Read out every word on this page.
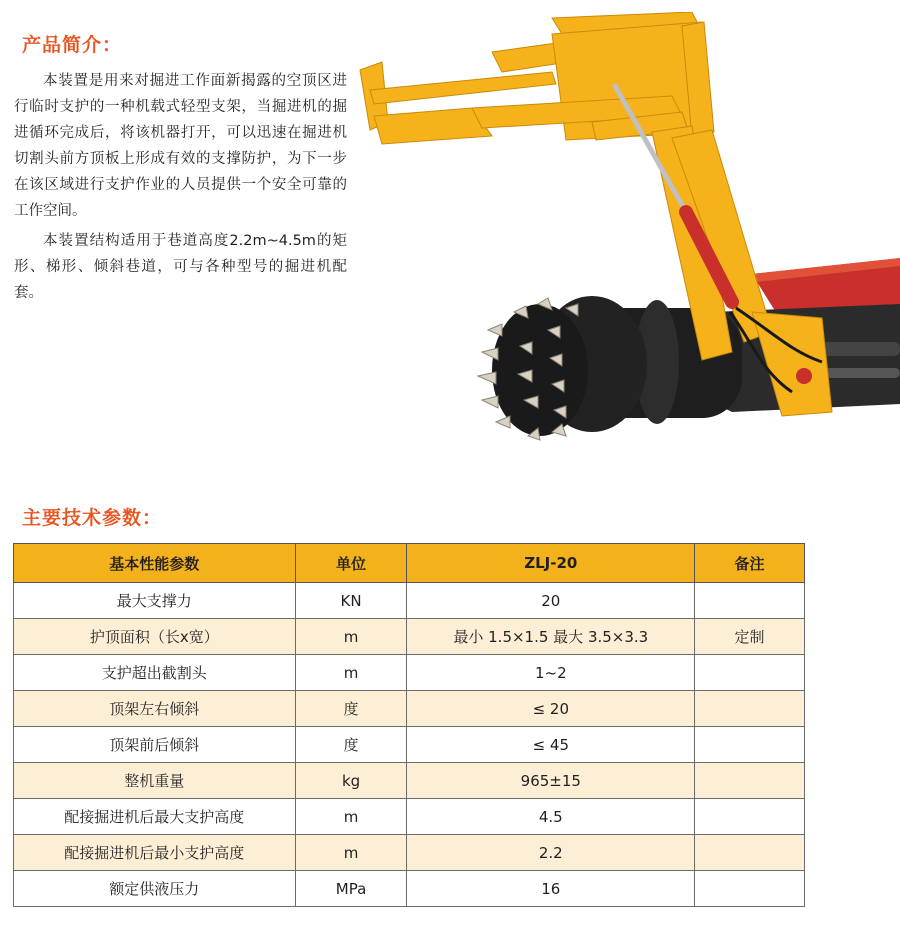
产品简介：

本装置是用来对掘进工作面新揭露的空顶区进行临时支护的一种机载式轻型支架，当掘进机的掘进循环完成后，将该机器打开，可以迅速在掘进机切割头前方顶板上形成有效的支撑防护，为下一步在该区域进行支护作业的人员提供一个安全可靠的工作空间。

本装置结构适用于巷道高度2.2m~4.5m的矩形、梯形、倾斜巷道，可与各种型号的掘进机配套。

主要技术参数：
基本性能参数	单位	ZLJ-20	备注
最大支撑力	KN	20	
护顶面积（长x宽）	m	最小 1.5×1.5 最大 3.5×3.3	定制
支护超出截割头	m	1~2	
顶架左右倾斜	度	≤ 20	
顶架前后倾斜	度	≤ 45	
整机重量	kg	965±15	
配接掘进机后最大支护高度	m	4.5	
配接掘进机后最小支护高度	m	2.2	
额定供液压力	MPa	16	
